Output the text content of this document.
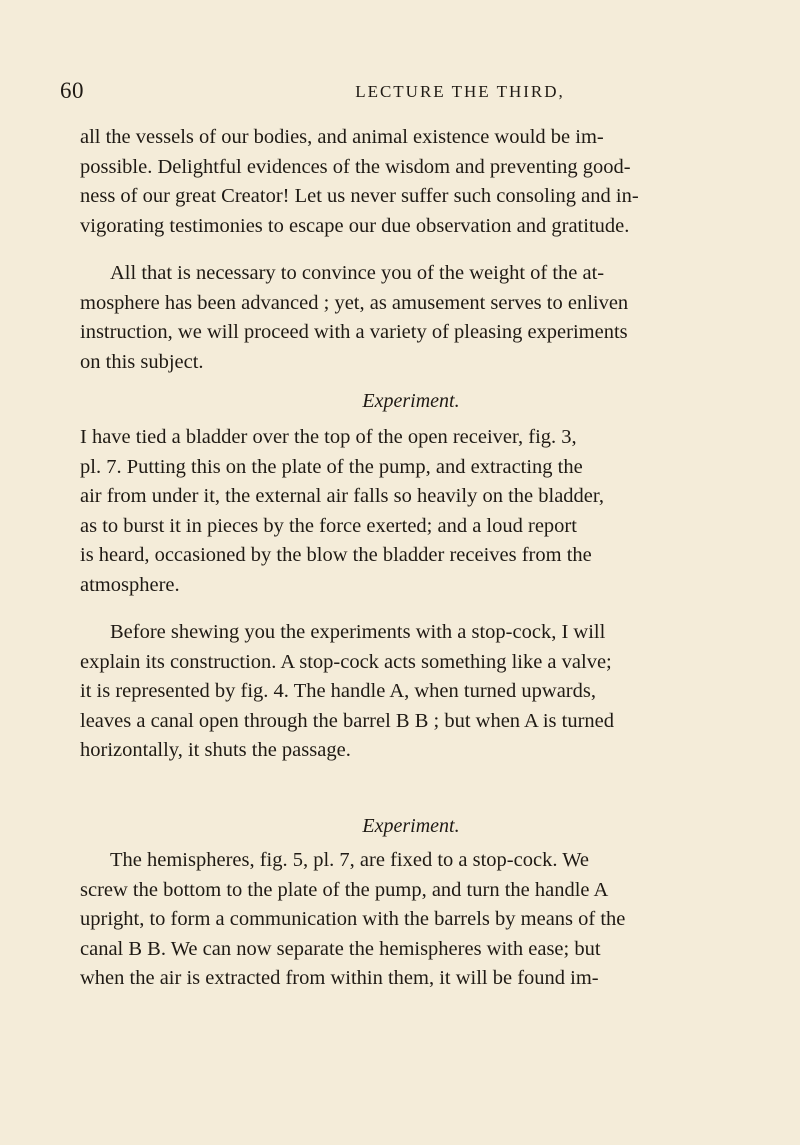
60	LECTURE THE THIRD,

all the vessels of our bodies, and animal existence would be im-
possible. Delightful evidences of the wisdom and preventing good-
ness of our great Creator! Let us never suffer such consoling and in-
vigorating testimonies to escape our due observation and gratitude.

All that is necessary to convince you of the weight of the at-
mosphere has been advanced ; yet, as amusement serves to enliven
instruction, we will proceed with a variety of pleasing experiments
on this subject.

Experiment.

I have tied a bladder over the top of the open receiver, fig. 3,
pl. 7. Putting this on the plate of the pump, and extracting the
air from under it, the external air falls so heavily on the bladder,
as to burst it in pieces by the force exerted; and a loud report
is heard, occasioned by the blow the bladder receives from the
atmosphere.

Before shewing you the experiments with a stop-cock, I will
explain its construction. A stop-cock acts something like a valve;
it is represented by fig. 4. The handle A, when turned upwards,
leaves a canal open through the barrel B B ; but when A is turned
horizontally, it shuts the passage.

Experiment.

The hemispheres, fig. 5, pl. 7, are fixed to a stop-cock. We
screw the bottom to the plate of the pump, and turn the handle A
upright, to form a communication with the barrels by means of the
canal B B. We can now separate the hemispheres with ease; but
when the air is extracted from within them, it will be found im-
